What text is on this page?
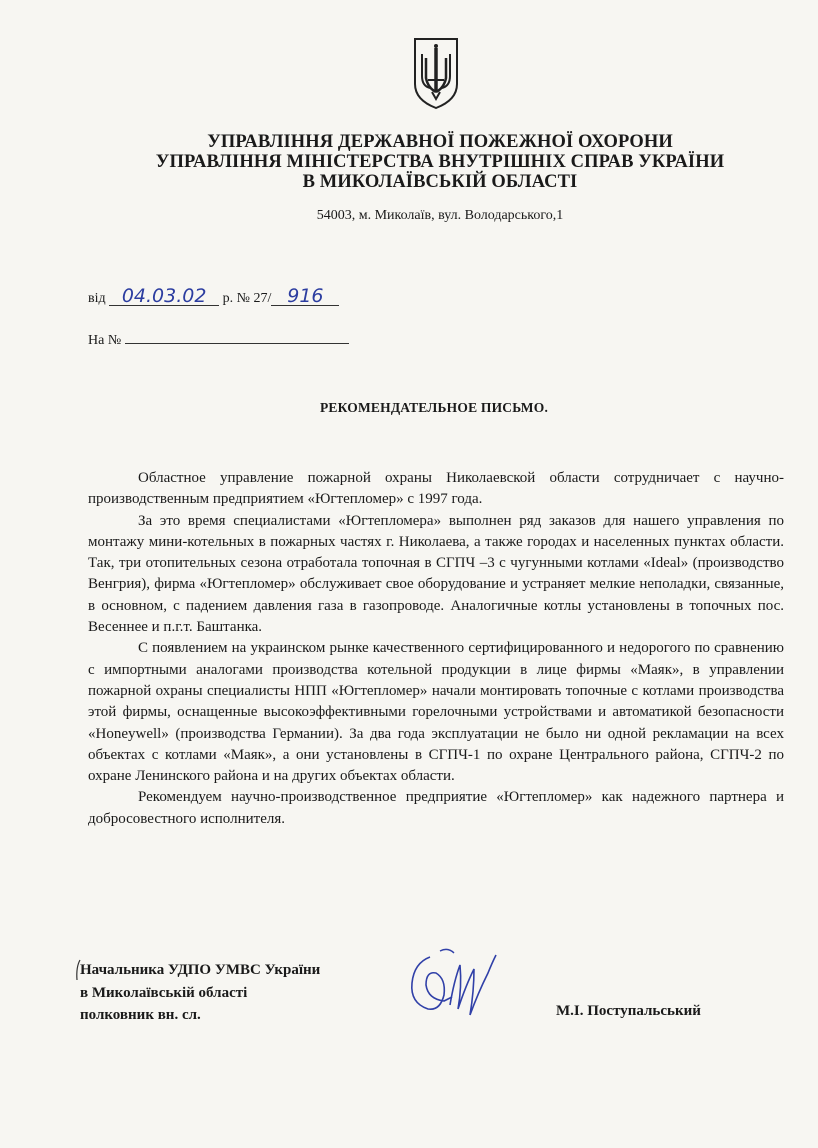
УПРАВЛІННЯ ДЕРЖАВНОЇ ПОЖЕЖНОЇ ОХОРОНИ
УПРАВЛІННЯ МІНІСТЕРСТВА ВНУТРІШНІХ СПРАВ УКРАЇНИ
В МИКОЛАЇВСЬКІЙ ОБЛАСТІ
54003, м. Миколаїв, вул. Володарського,1
від 04.03.02 р. № 27/ 916
На №
РЕКОМЕНДАТЕЛЬНОЕ ПИСЬМО.

Областное управление пожарной охраны Николаевской области сотрудничает с научно-производственным предприятием «Югтепломер» с 1997 года.

За это время специалистами «Югтепломера» выполнен ряд заказов для нашего управления по монтажу мини-котельных в пожарных частях г. Николаева, а также городах и населенных пунктах области. Так, три отопительных сезона отработала топочная в СГПЧ –3 с чугунными котлами «Ideal» (производство Венгрия), фирма «Югтепломер» обслуживает свое оборудование и устраняет мелкие неполадки, связанные, в основном, с падением давления газа в газопроводе. Аналогичные котлы установлены в топочных пос. Весеннее и п.г.т. Баштанка.

С появлением на украинском рынке качественного сертифицированного и недорогого по сравнению с импортными аналогами производства котельной продукции в лице фирмы «Маяк», в управлении пожарной охраны специалисты НПП «Югтепломер» начали монтировать топочные с котлами производства этой фирмы, оснащенные высокоэффективными горелочными устройствами и автоматикой безопасности «Honeywell» (производства Германии). За два года эксплуатации не было ни одной рекламации на всех объектах с котлами «Маяк», а они установлены в СГПЧ-1 по охране Центрального района, СГПЧ-2 по охране Ленинского района и на других объектах области.

Рекомендуем научно-производственное предприятие «Югтепломер» как надежного партнера и добросовестного исполнителя.

Начальника УДПО УМВС України
в Миколаївській області
полковник вн. сл.	М.І. Поступальський
